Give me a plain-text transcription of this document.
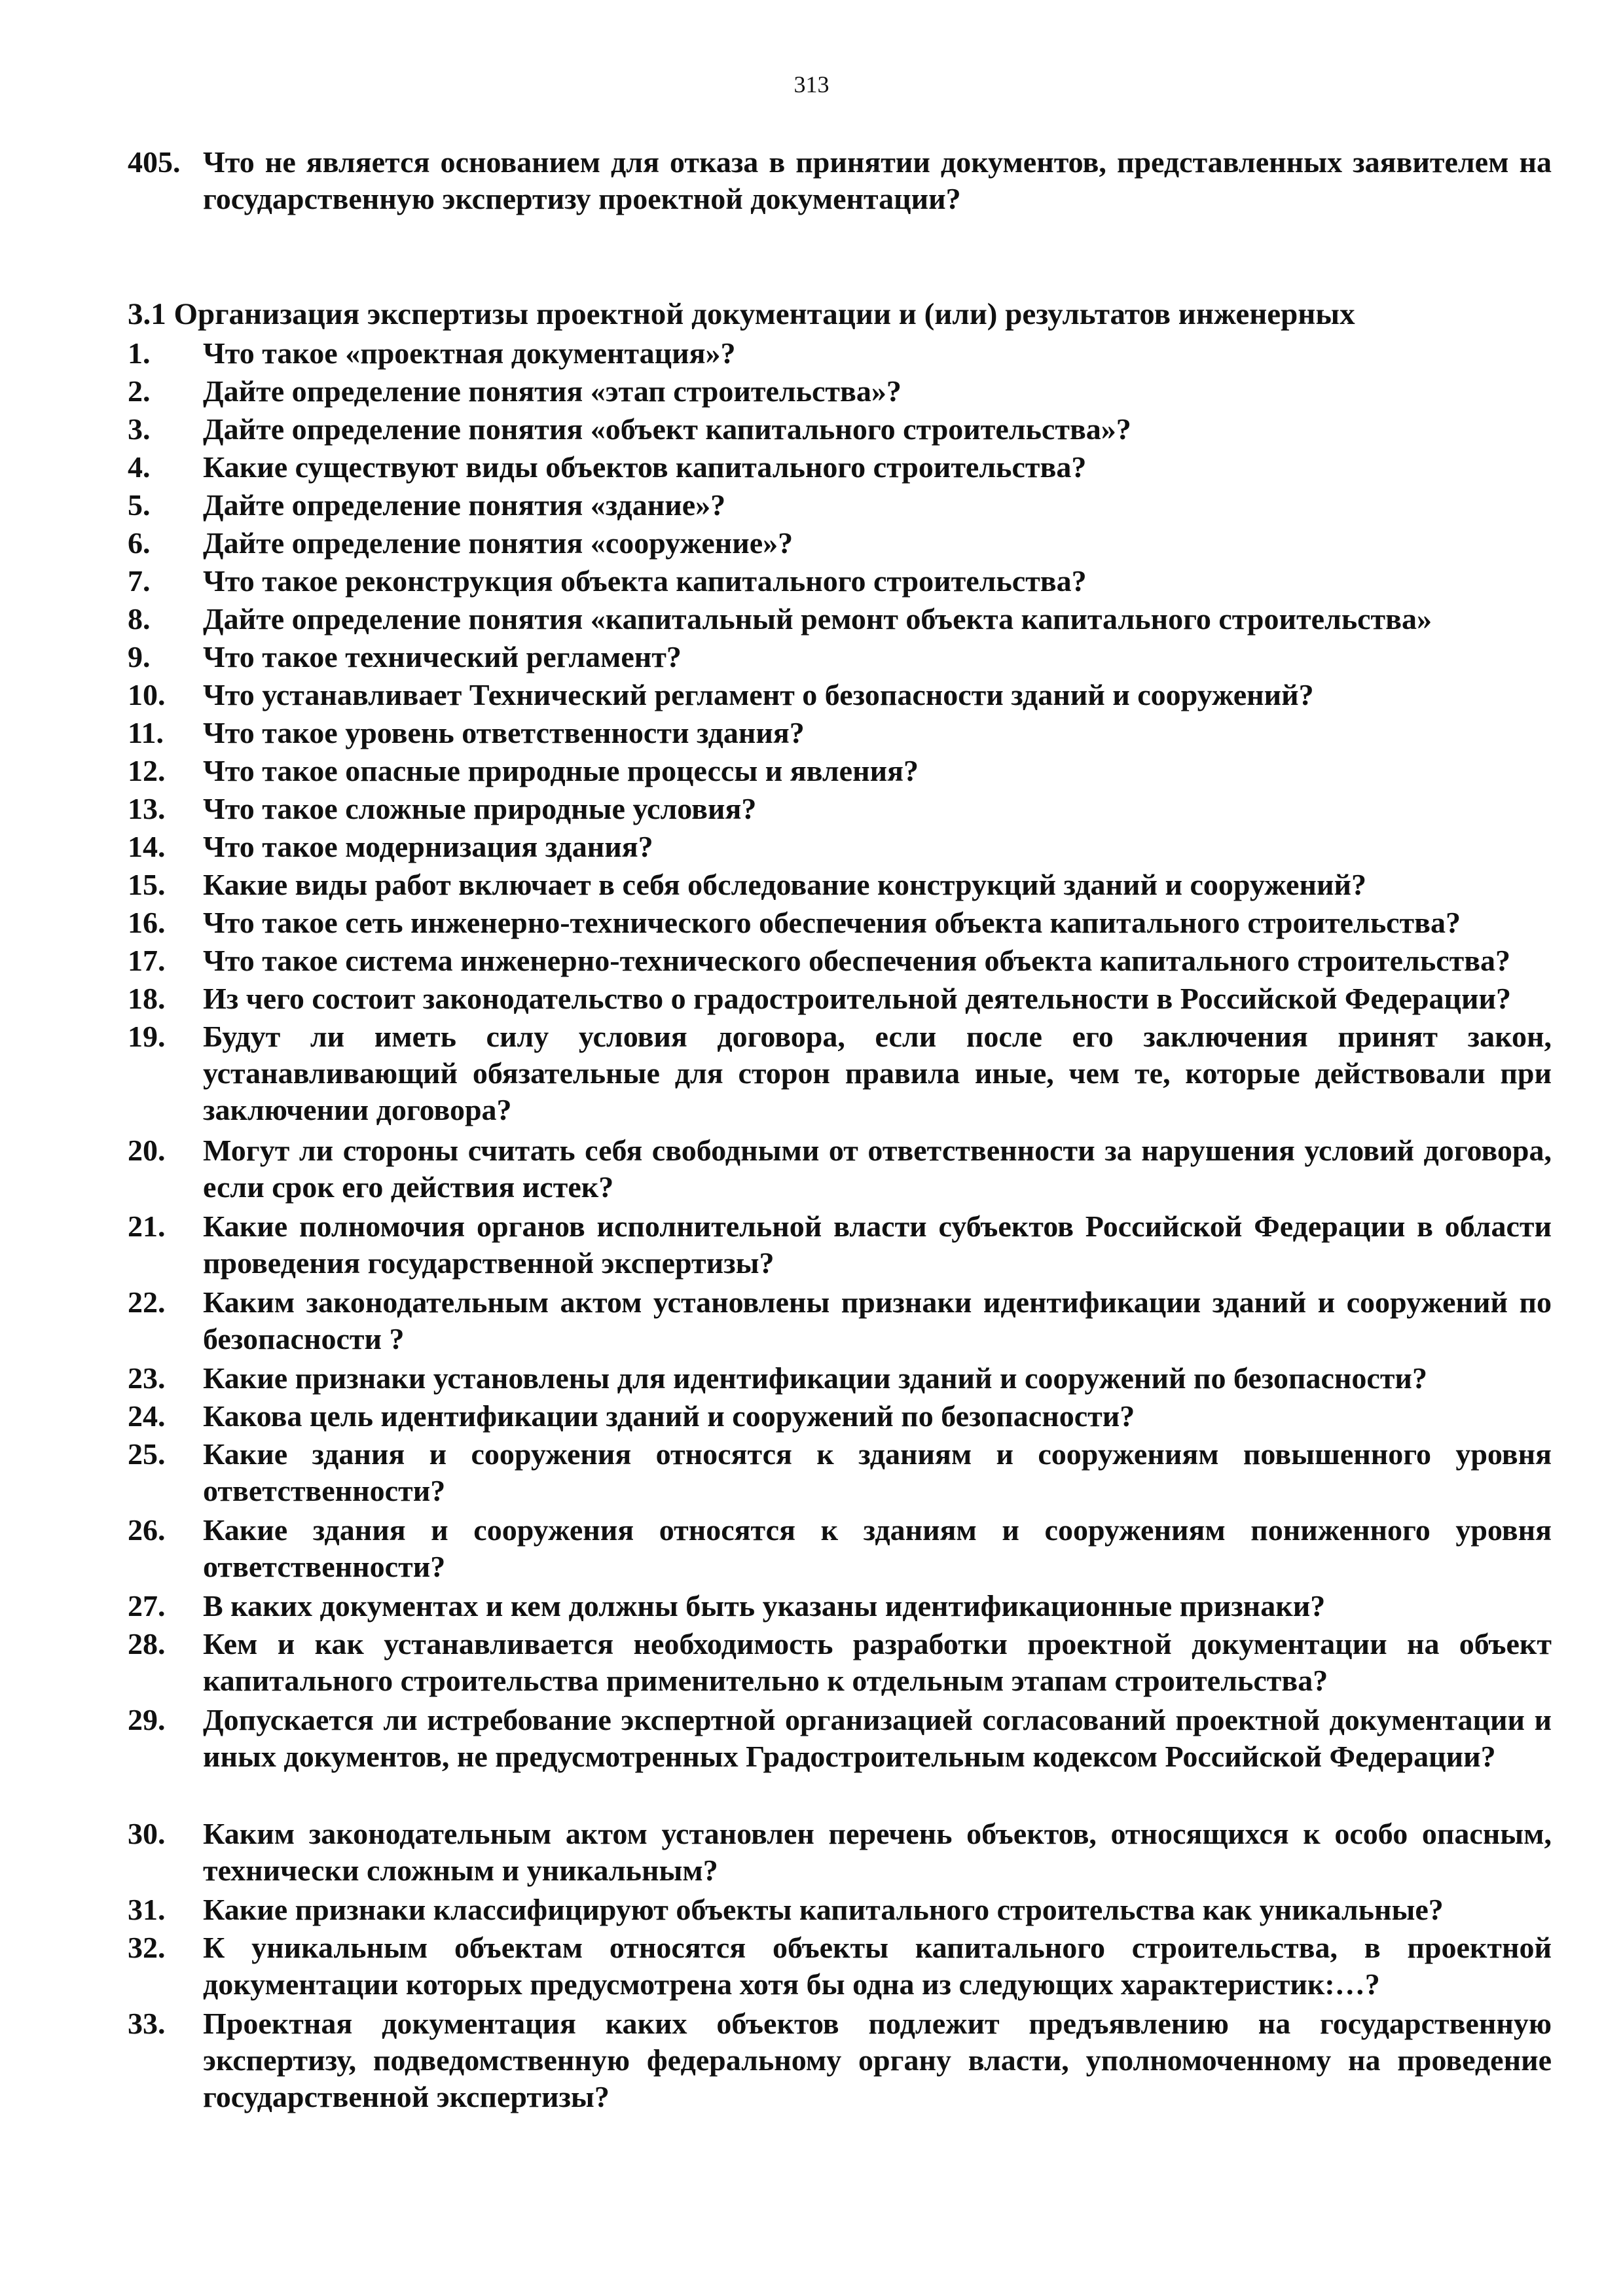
313
405. Что не является основанием для отказа в принятии документов, представленных заявителем на государственную экспертизу проектной документации?
3.1 Организация экспертизы проектной документации и (или) результатов инженерных
1.	Что такое «проектная документация»?
2.	Дайте определение понятия «этап строительства»?
3.	Дайте определение понятия «объект капитального строительства»?
4.	Какие существуют виды объектов капитального строительства?
5.	Дайте определение понятия «здание»?
6.	Дайте определение понятия «сооружение»?
7.	Что такое реконструкция объекта капитального строительства?
8.	Дайте определение понятия «капитальный ремонт объекта капитального строительства»
9.	Что такое технический регламент?
10.	Что устанавливает Технический регламент о безопасности зданий и сооружений?
11.	Что такое уровень ответственности здания?
12.	Что такое опасные природные процессы и явления?
13.	Что такое сложные природные условия?
14.	Что такое модернизация здания?
15.	Какие виды работ включает в себя обследование конструкций зданий и сооружений?
16.	Что такое сеть инженерно-технического обеспечения объекта капитального строительства?
17.	Что такое система инженерно-технического обеспечения объекта капитального строительства?
18.	Из чего состоит законодательство о градостроительной деятельности в Российской Федерации?
19.	Будут ли иметь силу условия договора, если после его заключения принят закон, устанавливающий обязательные для сторон правила иные, чем те, которые действовали при заключении договора?
20.	Могут ли стороны считать себя свободными от ответственности за нарушения условий договора, если срок его действия истек?
21.	Какие полномочия органов исполнительной власти субъектов Российской Федерации в области проведения государственной экспертизы?
22.	Каким законодательным актом установлены признаки идентификации зданий и сооружений по безопасности ?
23.	Какие признаки установлены для идентификации зданий и сооружений по безопасности?
24.	Какова цель идентификации зданий и сооружений по безопасности?
25.	Какие здания и сооружения относятся к зданиям и сооружениям повышенного уровня ответственности?
26.	Какие здания и сооружения относятся к зданиям и сооружениям пониженного уровня ответственности?
27.	В каких документах и кем должны быть указаны идентификационные признаки?
28.	Кем и как устанавливается необходимость разработки проектной документации на объект капитального строительства применительно к отдельным этапам строительства?
29.	Допускается ли истребование экспертной организацией согласований проектной документации и иных документов, не предусмотренных Градостроительным кодексом Российской Федерации?
30.	Каким законодательным актом установлен перечень объектов, относящихся к особо опасным, технически сложным и уникальным?
31.	Какие признаки классифицируют объекты капитального строительства как уникальные?
32.	К уникальным объектам относятся объекты капитального строительства, в проектной документации которых предусмотрена хотя бы одна из следующих характеристик:…?
33.	Проектная документация каких объектов подлежит предъявлению на государственную экспертизу, подведомственную федеральному органу власти, уполномоченному на проведение государственной экспертизы?
